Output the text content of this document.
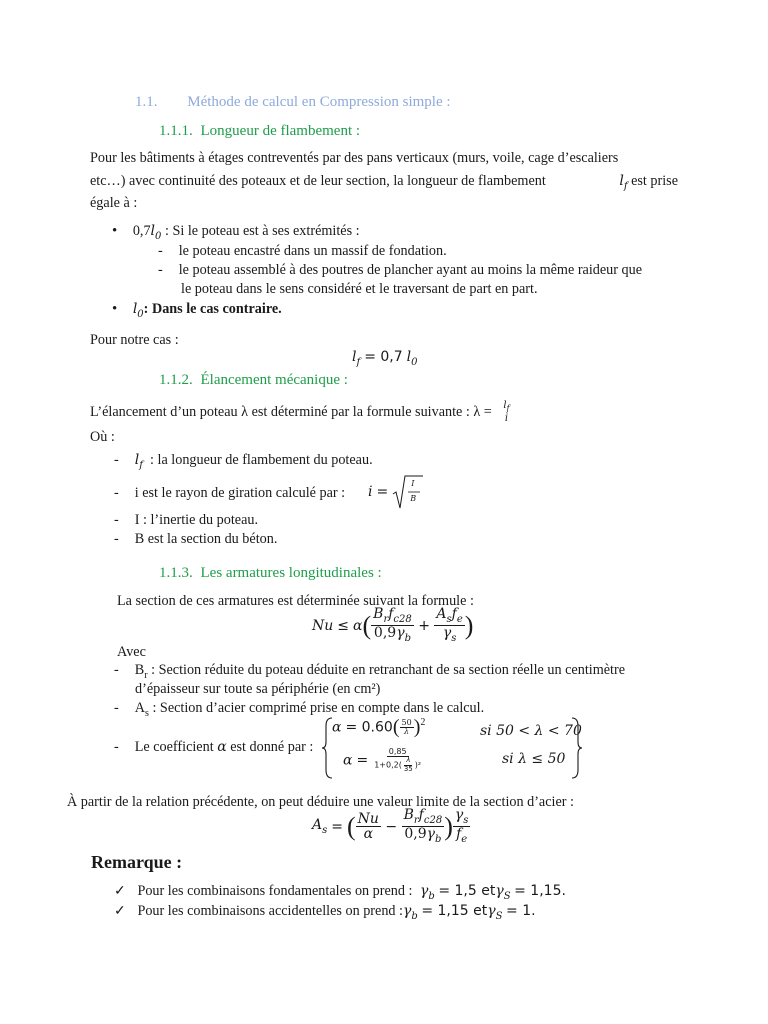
1.1. Méthode de calcul en Compression simple :
1.1.1. Longueur de flambement :
Pour les bâtiments à étages contreventés par des pans verticaux (murs, voile, cage d’escaliers
etc…) avec continuité des poteaux et de leur section, la longueur de flambement	$l_f$ est prise
égale à :
• $0,7l_0$ : Si le poteau est à ses extrémités :
- le poteau encastré dans un massif de fondation.
- le poteau assemblé à des poutres de plancher ayant au moins la même raideur que
le poteau dans le sens considéré et le traversant de part en part.
• $l_0$: Dans le cas contraire.
Pour notre cas :
$l_f = 0,7$ $l_0$
1.1.2. Élancement mécanique :
L’élancement d’un poteau λ est déterminé par la formule suivante : $\lambda = l_f$
i
Où :
- $l_f$ : la longueur de flambement du poteau.
- i est le rayon de giration calculé par : i =
I
B
- I : l’inertie du poteau.
- B est la section du béton.
1.1.3. Les armatures longitudinales :
La section de ces armatures est déterminée suivant la formule :
$Nu \le \alpha( \frac{B_rf_{c28}}{0,9\gamma_b} + \frac{A_sf_e}{\gamma_s}$ )
Avec
- $B_r$ : Section réduite du poteau déduite en retranchant de sa section réelle un centimètre
d’épaisseur sur toute sa périphérie (en cm²)
- $A_s$ : Section d’acier comprimé prise en compte dans le calcul.
- Le coefficient α est donné par :
$\alpha = 0.60( \frac{50}{\lambda} )^2$
si 50 < λ < 70
$\alpha = \frac{0,85}{1+0,2( \frac{\lambda}{35} )^2}$	si λ ≤ 50
À partir de la relation précédente, on peut déduire une valeur limite de la section d’acier :
$A_s$ = ( $\frac{Nu}{\alpha} - \frac{B_rf_{c28}}{0,9\gamma_b}$ ) $\frac{\gamma_s}{f_e}$
Remarque :
✓ Pour les combinaisons fondamentales on prend : $\gamma_b = 1,5$ etγ$_S$ = 1,15.
✓ Pour les combinaisons accidentelles on prend $:\gamma_b = 1,15$ etγ$_S$ = 1.
